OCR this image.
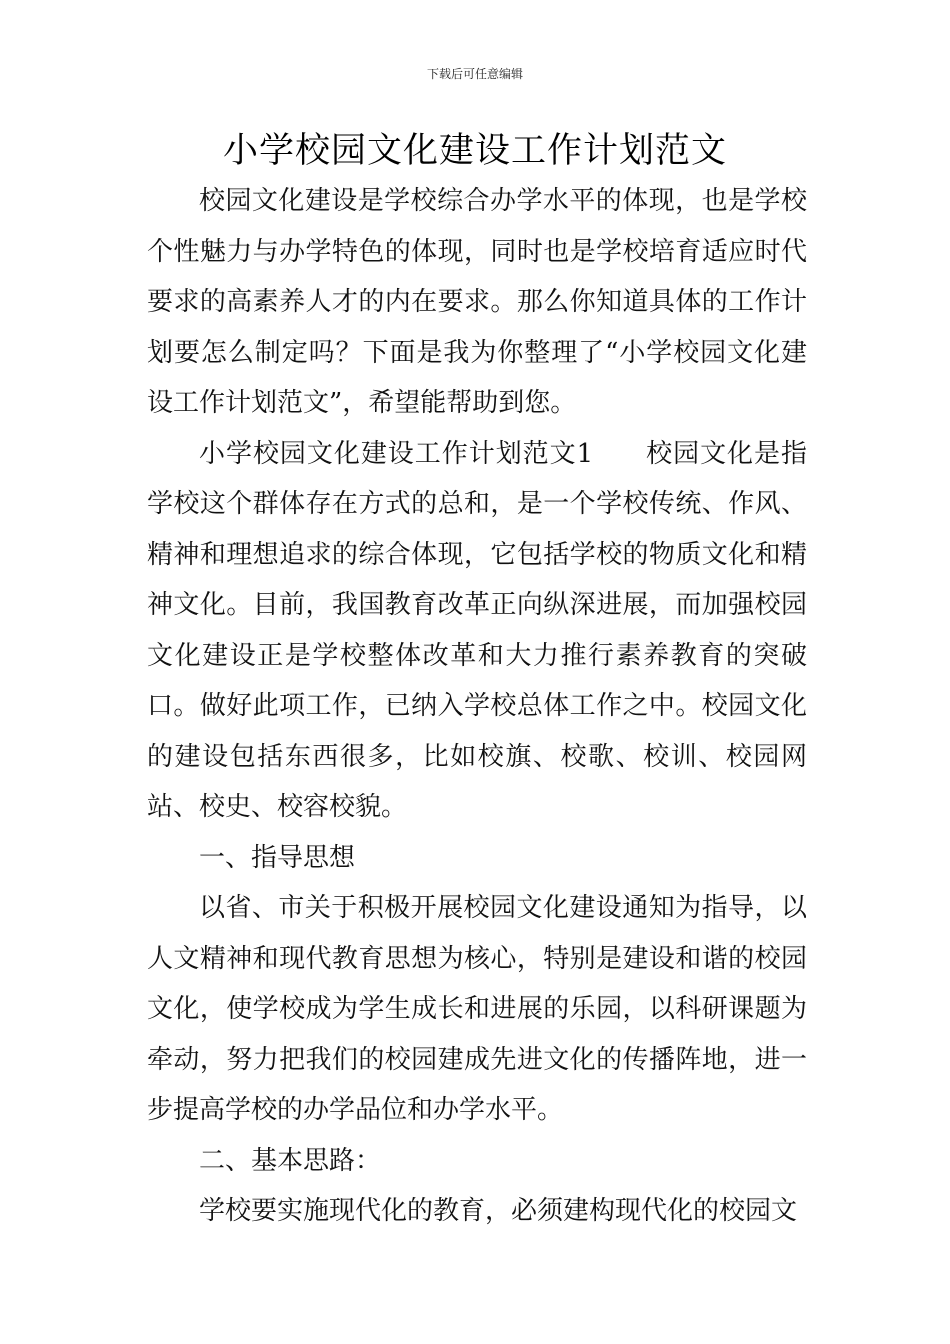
下载后可任意编辑
小学校园文化建设工作计划范文

校园文化建设是学校综合办学水平的体现，也是学校个性魅力与办学特色的体现，同时也是学校培育适应时代要求的高素养人才的内在要求。那么你知道具体的工作计划要怎么制定吗？下面是我为你整理了“小学校园文化建设工作计划范文”，希望能帮助到您。

小学校园文化建设工作计划范文1 校园文化是指学校这个群体存在方式的总和，是一个学校传统、作风、精神和理想追求的综合体现，它包括学校的物质文化和精神文化。目前，我国教育改革正向纵深进展，而加强校园文化建设正是学校整体改革和大力推行素养教育的突破口。做好此项工作，已纳入学校总体工作之中。校园文化的建设包括东西很多，比如校旗、校歌、校训、校园网站、校史、校容校貌。

一、指导思想

以省、市关于积极开展校园文化建设通知为指导，以人文精神和现代教育思想为核心，特别是建设和谐的校园文化，使学校成为学生成长和进展的乐园，以科研课题为牵动，努力把我们的校园建成先进文化的传播阵地，进一步提高学校的办学品位和办学水平。

二、基本思路：

学校要实施现代化的教育，必须建构现代化的校园文
